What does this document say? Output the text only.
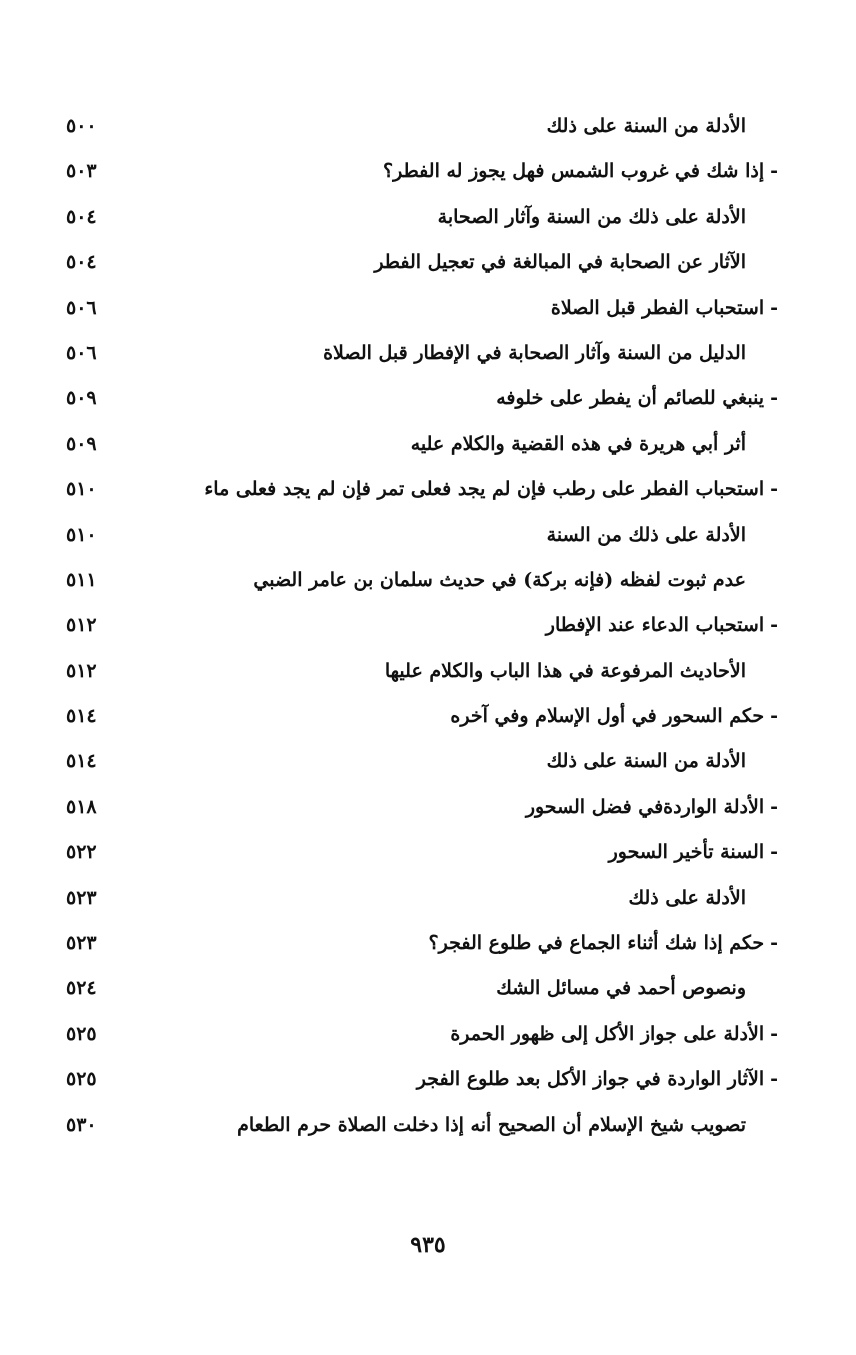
الأدلة من السنة على ذلك
٥٠٠
-إذا شك في غروب الشمس فهل يجوز له الفطر؟
٥٠٣
الأدلة على ذلك من السنة وآثار الصحابة
٥٠٤
الآثار عن الصحابة في المبالغة في تعجيل الفطر
٥٠٤
-استحباب الفطر قبل الصلاة
٥٠٦
الدليل من السنة وآثار الصحابة في الإفطار قبل الصلاة
٥٠٦
-ينبغي للصائم أن يفطر على خلوفه
٥٠٩
أثر أبي هريرة في هذه القضية والكلام عليه
٥٠٩
-استحباب الفطر على رطب فإن لم يجد فعلى تمر فإن لم يجد فعلى ماء
٥١٠
الأدلة على ذلك من السنة
٥١٠
عدم ثبوت لفظه (فإنه بركة) في حديث سلمان بن عامر الضبي
٥١١
-استحباب الدعاء عند الإفطار
٥١٢
الأحاديث المرفوعة في هذا الباب والكلام عليها
٥١٢
-حكم السحور في أول الإسلام وفي آخره
٥١٤
الأدلة من السنة على ذلك
٥١٤
-الأدلة الواردةفي فضل السحور
٥١٨
-السنة تأخير السحور
٥٢٢
الأدلة على ذلك
٥٢٣
-حكم إذا شك أثناء الجماع في طلوع الفجر؟
٥٢٣
ونصوص أحمد في مسائل الشك
٥٢٤
-الأدلة على جواز الأكل إلى ظهور الحمرة
٥٢٥
-الآثار الواردة في جواز الأكل بعد طلوع الفجر
٥٢٥
تصويب شيخ الإسلام أن الصحيح أنه إذا دخلت الصلاة حرم الطعام
٥٣٠
٩٣٥
